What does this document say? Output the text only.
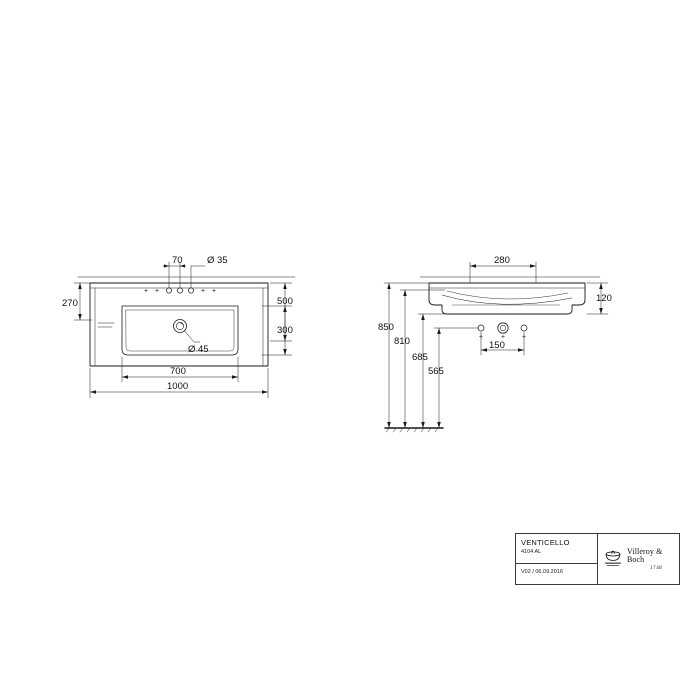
70	Ø 35
270
Ø 45
700
1000
500
300
280
120
850
810
685
565
150
VENTICELLO
4104 AL
V02 / 06.09.2016
Villeroy &
Boch
1748
